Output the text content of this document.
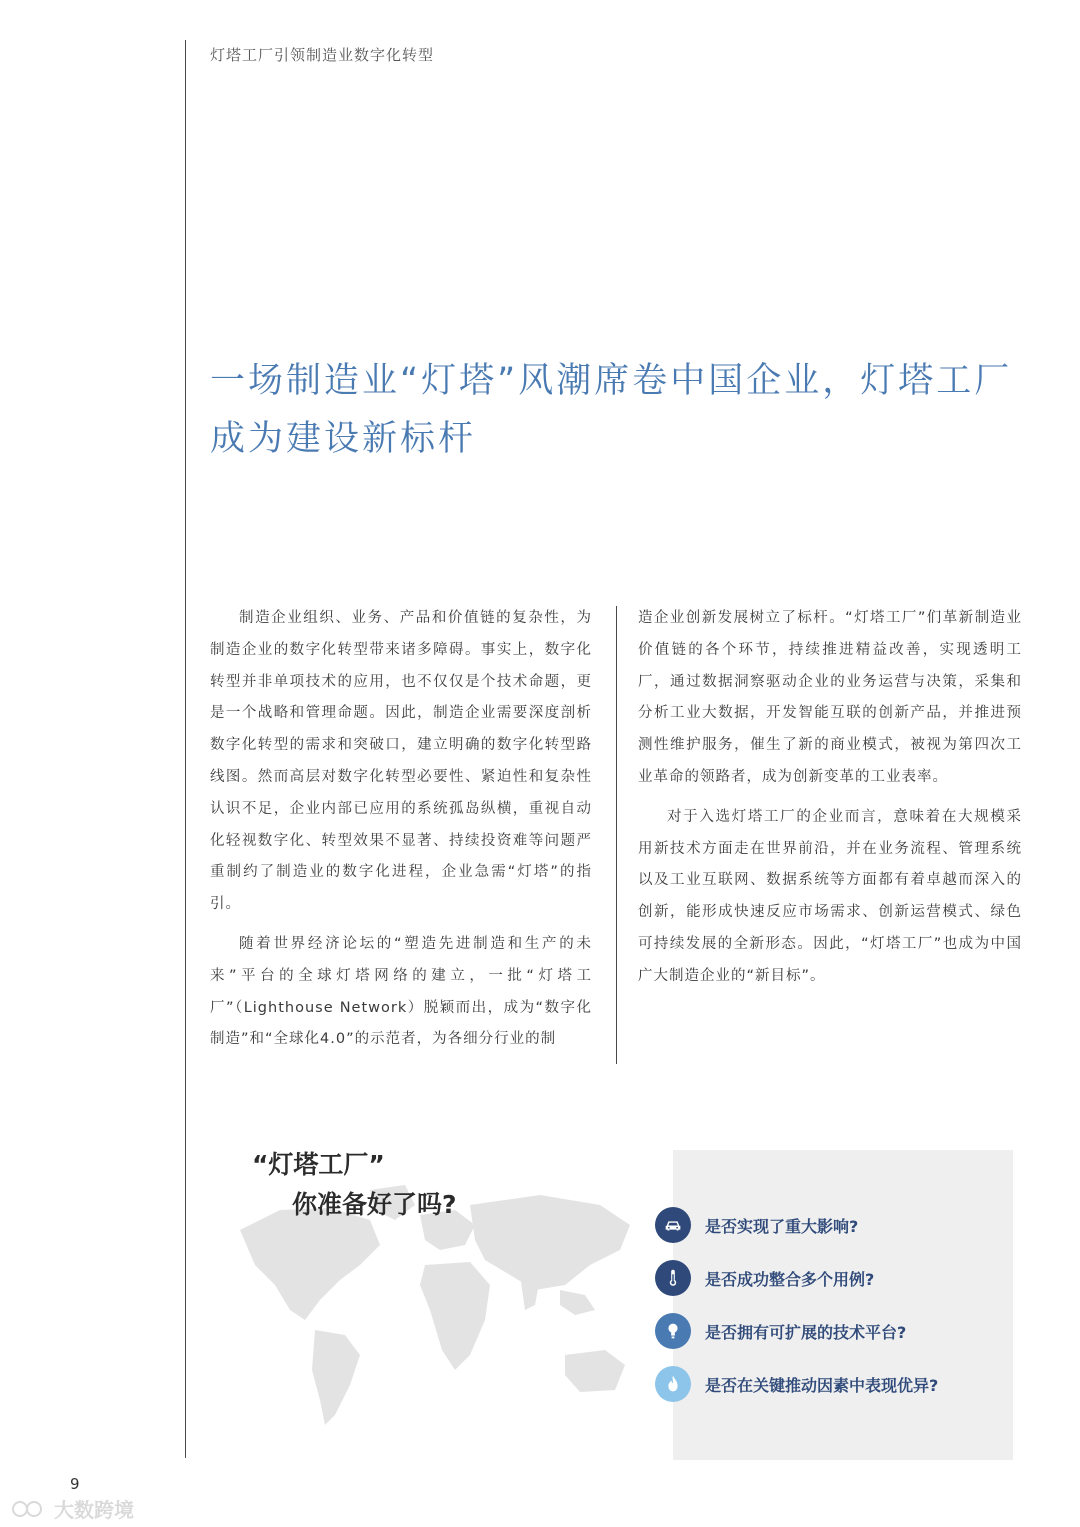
灯塔工厂引领制造业数字化转型
一场制造业“灯塔”风潮席卷中国企业，灯塔工厂成为建设新标杆

制造企业组织、业务、产品和价值链的复杂性，为制造企业的数字化转型带来诸多障碍。事实上，数字化转型并非单项技术的应用，也不仅仅是个技术命题，更是一个战略和管理命题。因此，制造企业需要深度剖析数字化转型的需求和突破口，建立明确的数字化转型路线图。然而高层对数字化转型必要性、紧迫性和复杂性认识不足，企业内部已应用的系统孤岛纵横，重视自动化轻视数字化、转型效果不显著、持续投资难等问题严重制约了制造业的数字化进程，企业急需“灯塔”的指引。

随着世界经济论坛的“塑造先进制造和生产的未来”平台的全球灯塔网络的建立，一批“灯塔工厂”（Lighthouse Network）脱颖而出，成为“数字化制造”和“全球化4.0”的示范者，为各细分行业的制

造企业创新发展树立了标杆。“灯塔工厂”们革新制造业价值链的各个环节，持续推进精益改善，实现透明工厂，通过数据洞察驱动企业的业务运营与决策，采集和分析工业大数据，开发智能互联的创新产品，并推进预测性维护服务，催生了新的商业模式，被视为第四次工业革命的领路者，成为创新变革的工业表率。

对于入选灯塔工厂的企业而言，意味着在大规模采用新技术方面走在世界前沿，并在业务流程、管理系统以及工业互联网、数据系统等方面都有着卓越而深入的创新，能形成快速反应市场需求、创新运营模式、绿色可持续发展的全新形态。因此，“灯塔工厂”也成为中国广大制造企业的“新目标”。

“灯塔工厂”
你准备好了吗?
是否实现了重大影响?
是否成功整合多个用例?
是否拥有可扩展的技术平台?
是否在关键推动因素中表现优异?
9
大数跨境
